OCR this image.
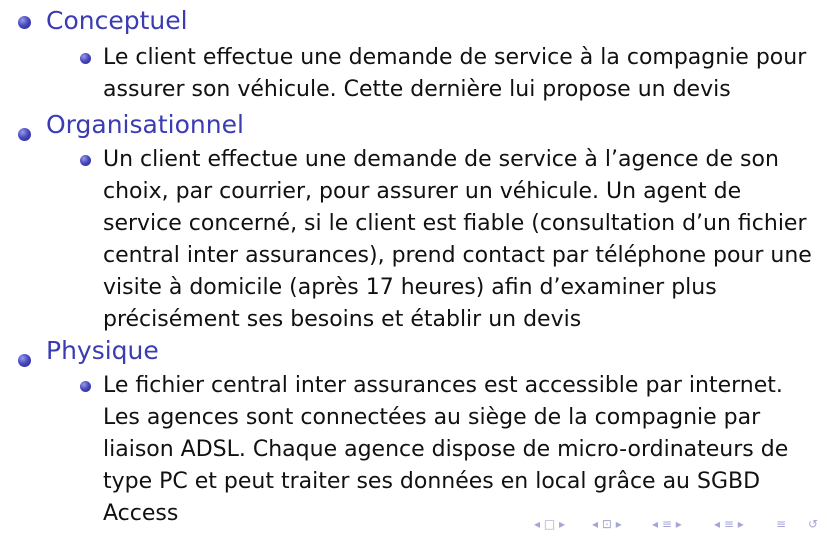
Conceptuel
Le client effectue une demande de service à la compagnie pour assurer son véhicule. Cette dernière lui propose un devis
Organisationnel
Un client effectue une demande de service à l’agence de son choix, par courrier, pour assurer un véhicule. Un agent de service concerné, si le client est fiable (consultation d’un fichier central inter assurances), prend contact par téléphone pour une visite à domicile (après 17 heures) afin d’examiner plus précisément ses besoins et établir un devis
Physique
Le fichier central inter assurances est accessible par internet. Les agences sont connectées au siège de la compagnie par liaison ADSL. Chaque agence dispose de micro-ordinateurs de type PC et peut traiter ses données en local grâce au SGBD Access	◂ □ ▸ ◂ ⊡ ▸	◂ ≡ ▸	◂ ≡ ▸	≡ ↺
